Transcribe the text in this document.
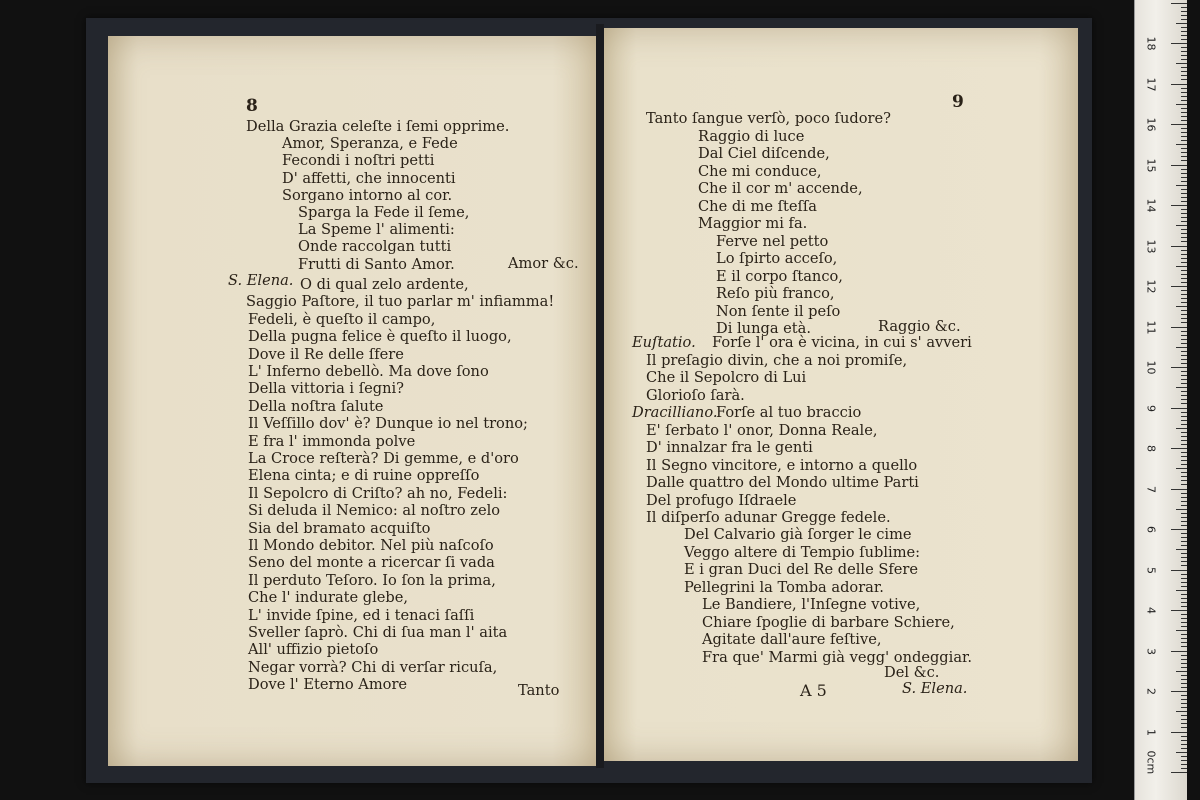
8
Della Grazia celeſte i ſemi opprime.
Amor, Speranza, e Fede
Fecondi i noſtri petti
D' affetti, che innocenti
Sorgano intorno al cor.
Sparga la Fede il ſeme,
La Speme l' alimenti:
Onde raccolgan tutti
Frutti di Santo Amor.
O di qual zelo ardente,
Saggio Paſtore, il tuo parlar m' infiamma!
Fedeli, è queſto il campo,
Della pugna felice è queſto il luogo,
Dove il Re delle ſfere
L' Inferno debellò. Ma dove ſono
Della vittoria i ſegni?
Della noſtra ſalute
Il Veſſillo dov' è? Dunque io nel trono;
E fra l' immonda polve
La Croce reſterà? Di gemme, e d'oro
Elena cinta; e di ruine oppreſſo
Il Sepolcro di Criſto? ah no, Fedeli:
Si deluda il Nemico: al noſtro zelo
Sia del bramato acquiſto
Il Mondo debitor. Nel più naſcoſo
Seno del monte a ricercar ſi vada
Il perduto Teſoro. Io ſon la prima,
Che l' indurate glebe,
L' invide ſpine, ed i tenaci ſaſſi
Sveller ſaprò. Chi di ſua man l' aita
All' uffizio pietoſo
Negar vorrà? Chi di verſar ricuſa,
Dove l' Eterno Amore
Amor &c.
S. Elena.
Tanto
9
Tanto ſangue verſò, poco ſudore?
Raggio di luce
Dal Ciel diſcende,
Che mi conduce,
Che il cor m' accende,
Che di me ſteſſa
Maggior mi fa.
Ferve nel petto
Lo ſpirto acceſo,
E il corpo ſtanco,
Reſo più franco,
Non ſente il peſo
Di lunga età.
Forſe l' ora è vicina, in cui s' avveri
Il preſagio divin, che a noi promiſe,
Che il Sepolcro di Lui
Glorioſo ſarà.
Forſe al tuo braccio
E' ſerbato l' onor, Donna Reale,
D' innalzar fra le genti
Il Segno vincitore, e intorno a quello
Dalle quattro del Mondo ultime Parti
Del profugo Iſdraele
Il diſperſo adunar Gregge fedele.
Del Calvario già ſorger le cime
Veggo altere di Tempio ſublime:
E i gran Duci del Re delle Sfere
Pellegrini la Tomba adorar.
Le Bandiere, l'Inſegne votive,
Chiare ſpoglie di barbare Schiere,
Agitate dall'aure feſtive,
Fra que' Marmi già vegg' ondeggiar.
Del &c.
Raggio &c.
Euſtatio.
Dracilliano.
A 5	S. Elena.
18
17
16
15
14
13
12
11
10
9
8
7
6
5
4
3
2
1
0cm
